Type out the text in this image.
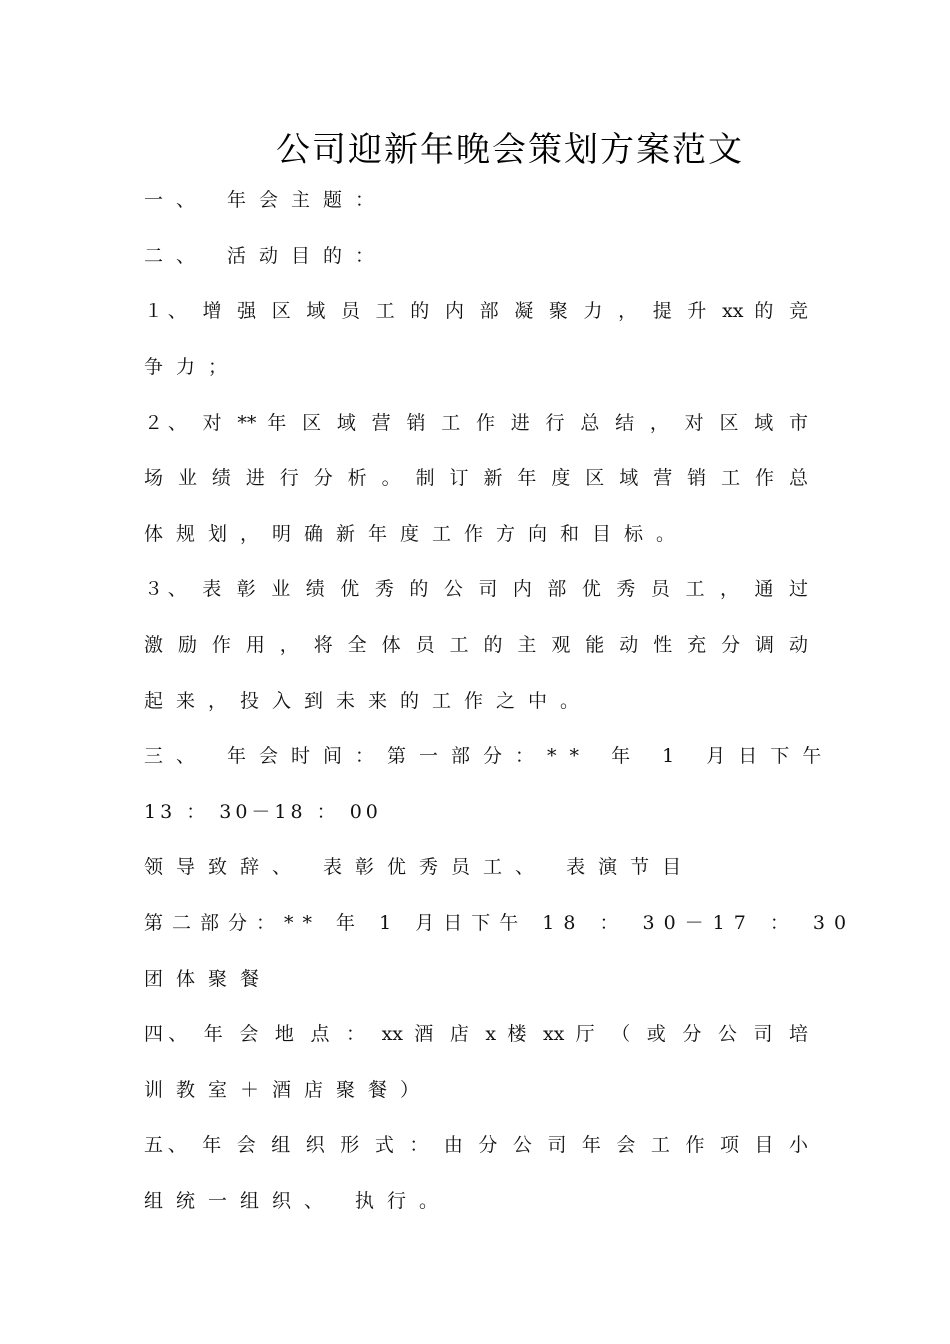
公司迎新年晚会策划方案范文
一、 年会主题：
二、 活动目的：
１、 增 强 区 域 员 工 的 内 部 凝 聚 力 ， 提 升 xx 的 竞
争力；
２、 对 ** 年 区 域 营 销 工 作 进 行 总 结 ， 对 区 域 市
场 业 绩 进 行 分 析 。 制 订 新 年 度 区 域 营 销 工 作 总
体规划，明确新年度工作方向和目标。
３、 表 彰 业 绩 优 秀 的 公 司 内 部 优 秀 员 工 ， 通 过
激 励 作 用 ， 将 全 体 员 工 的 主 观 能 动 性 充 分 调 动
起来，投入到未来的工作之中。
三、 年会时间：第一部分：** 年 1 月日下午
13 ： 30－18 ： 00
领导致辞、 表彰优秀员工、 表演节目
第二部分：** 年 1 月日下午 18 ： 30－17 ： 30
团体聚餐
四、 年 会 地 点 ： xx 酒 店 x 楼 xx 厅 （ 或 分 公 司 培
训教室＋酒店聚餐）
五、 年 会 组 织 形 式 ： 由 分 公 司 年 会 工 作 项 目 小
组统一组织、 执行。
